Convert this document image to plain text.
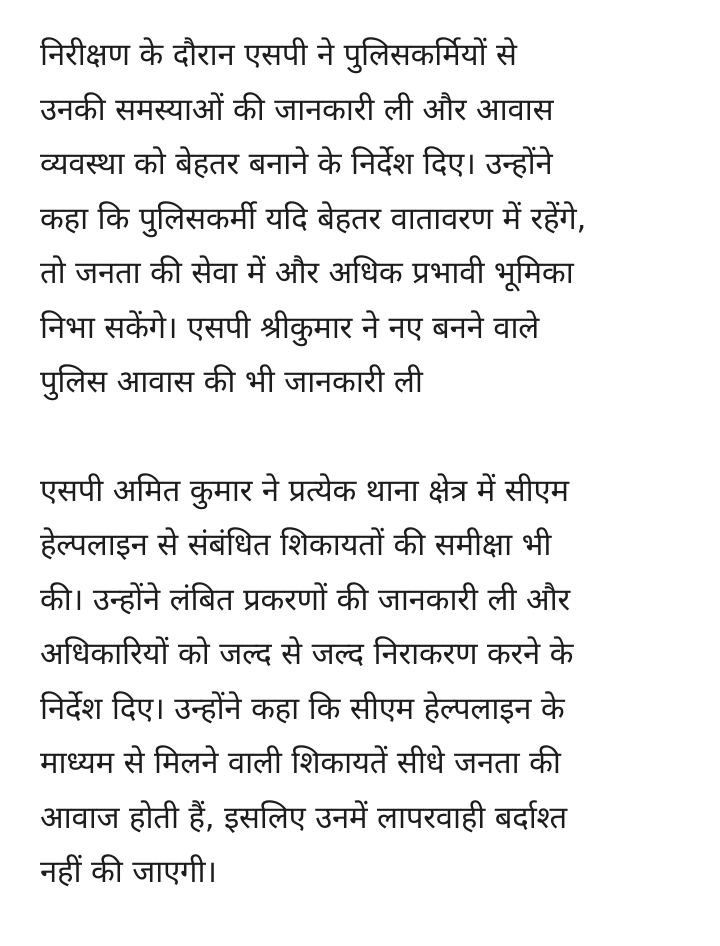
निरीक्षण के दौरान एसपी ने पुलिसकर्मियों से
उनकी समस्याओं की जानकारी ली और आवास
व्यवस्था को बेहतर बनाने के निर्देश दिए। उन्होंने
कहा कि पुलिसकर्मी यदि बेहतर वातावरण में रहेंगे,
तो जनता की सेवा में और अधिक प्रभावी भूमिका
निभा सकेंगे। एसपी श्रीकुमार ने नए बनने वाले
पुलिस आवास की भी जानकारी ली

एसपी अमित कुमार ने प्रत्येक थाना क्षेत्र में सीएम
हेल्पलाइन से संबंधित शिकायतों की समीक्षा भी
की। उन्होंने लंबित प्रकरणों की जानकारी ली और
अधिकारियों को जल्द से जल्द निराकरण करने के
निर्देश दिए। उन्होंने कहा कि सीएम हेल्पलाइन के
माध्यम से मिलने वाली शिकायतें सीधे जनता की
आवाज होती हैं, इसलिए उनमें लापरवाही बर्दाश्त
नहीं की जाएगी।
